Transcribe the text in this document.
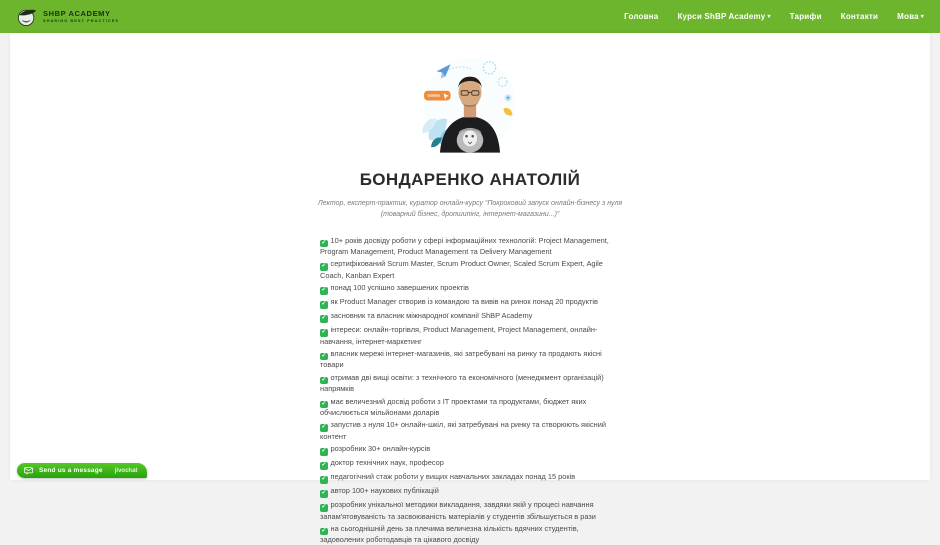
SHBP ACADEMY
SHARING BEST PRACTICES	Головна Курси ShBP Academy ▾ Тарифи Контакти Мова ▾
БОНДАРЕНКО АНАТОЛІЙ

Лектор, експерт-практик, куратор онлайн-курсу “Покроковий запуск онлайн-бізнесу з нуля (товарний бізнес, дропшипінг, інтернет-магазини...)”

✓ 10+ років досвіду роботи у сфері інформаційних технологій: Project Management, Program Management, Product Management та Delivery Management

✓ сертифікований Scrum Master, Scrum Product Owner, Scaled Scrum Expert, Agile Coach, Kanban Expert

✓ понад 100 успішно завершених проектів

✓ як Product Manager створив із командою та вивів на ринок понад 20 продуктів

✓ засновник та власник міжнародної компанії ShBP Academy

✓ інтереси: онлайн-торгівля, Product Management, Project Management, онлайн-навчання, інтернет-маркетинг

✓ власник мережі інтернет-магазинів, які затребувані на ринку та продають якісні товари

✓ отримав дві вищі освіти: з технічного та економічного (менеджмент організацій) напрямків

✓ має величезний досвід роботи з IT проектами та продуктами, бюджет яких обчислюється мільйонами доларів

✓ запустив з нуля 10+ онлайн-шкіл, які затребувані на ринку та створюють якісний контент

✓ розробник 30+ онлайн-курсів

✓ доктор технічних наук, професор

✓ педагогічний стаж роботи у вищих навчальних закладах понад 15 років

✓ автор 100+ наукових публікацій

✓ розробник унікальної методики викладання, завдяки якій у процесі навчання запам'ятовуваність та засвоюваність матеріалів у студентів збільшується в рази

✓ на сьогоднішній день за плечима величезна кількість вдячних студентів, задоволених роботодавців та цікавого досвіду

Send us a message jivochat
